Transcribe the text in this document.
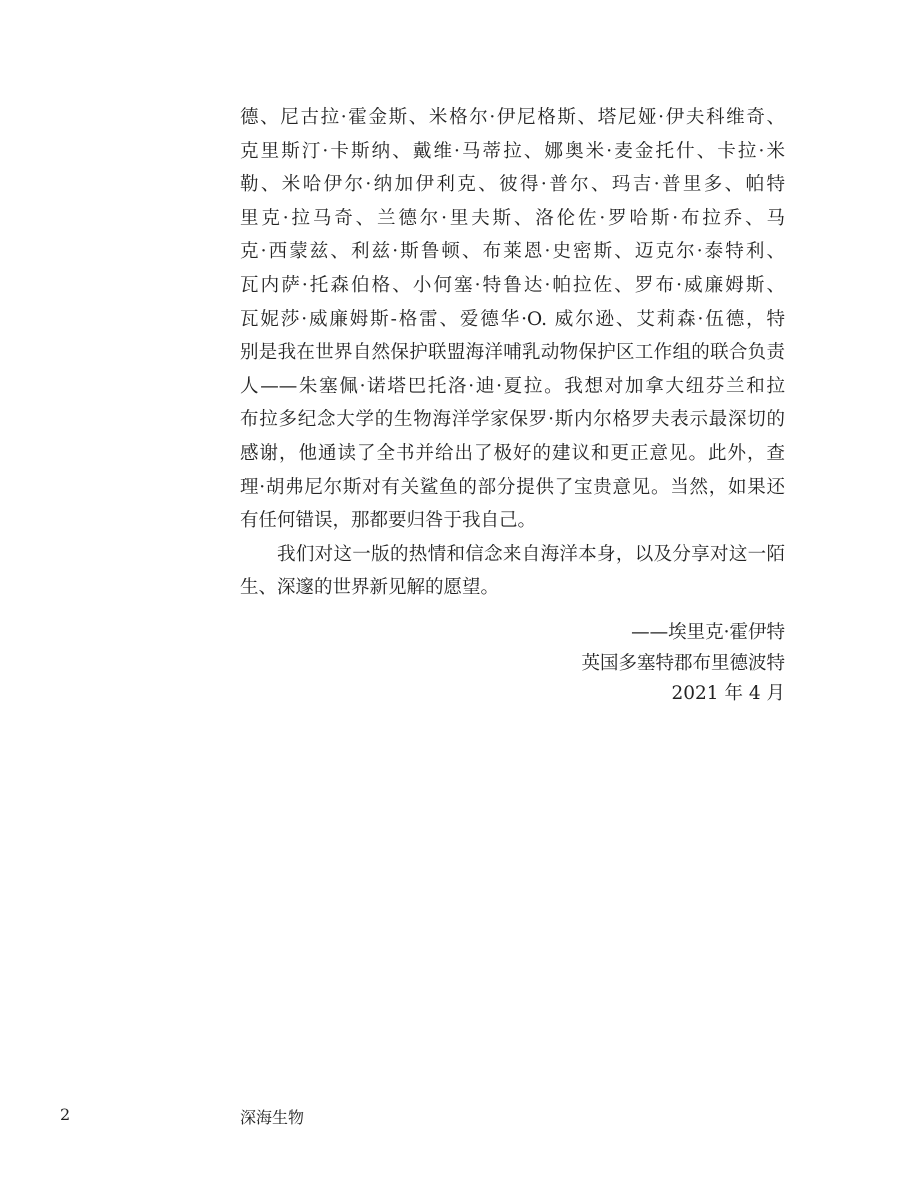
德、尼古拉·霍金斯、米格尔·伊尼格斯、塔尼娅·伊夫科维奇、
克里斯汀·卡斯纳、戴维·马蒂拉、娜奥米·麦金托什、卡拉·米
勒、米哈伊尔·纳加伊利克、彼得·普尔、玛吉·普里多、帕特
里克·拉马奇、兰德尔·里夫斯、洛伦佐·罗哈斯·布拉乔、马
克·西蒙兹、利兹·斯鲁顿、布莱恩·史密斯、迈克尔·泰特利、
瓦内萨·托森伯格、小何塞·特鲁达·帕拉佐、罗布·威廉姆斯、
瓦妮莎·威廉姆斯-格雷、爱德华·O. 威尔逊、艾莉森·伍德，特
别是我在世界自然保护联盟海洋哺乳动物保护区工作组的联合负责
人——朱塞佩·诺塔巴托洛·迪·夏拉。我想对加拿大纽芬兰和拉
布拉多纪念大学的生物海洋学家保罗·斯内尔格罗夫表示最深切的
感谢，他通读了全书并给出了极好的建议和更正意见。此外，查
理·胡弗尼尔斯对有关鲨鱼的部分提供了宝贵意见。当然，如果还
有任何错误，那都要归咎于我自己。
我们对这一版的热情和信念来自海洋本身，以及分享对这一陌
生、深邃的世界新见解的愿望。
——埃里克·霍伊特
英国多塞特郡布里德波特
2021 年 4 月
2	深海生物
